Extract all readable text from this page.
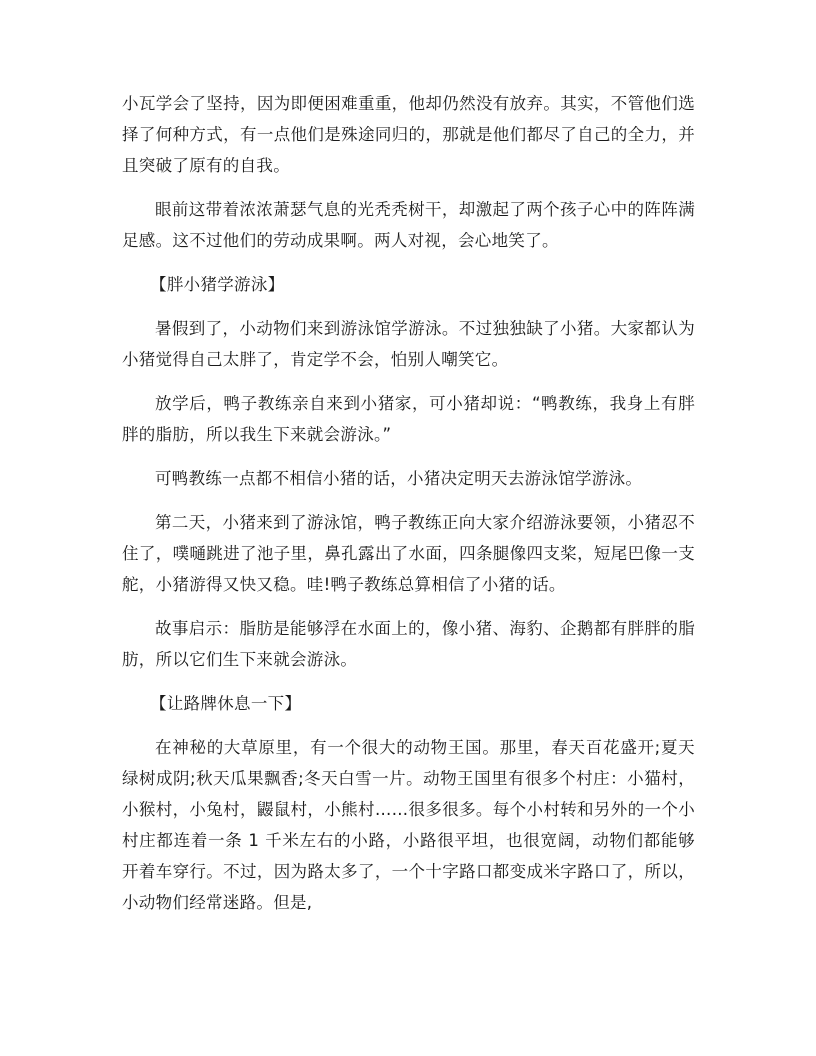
小瓦学会了坚持，因为即便困难重重，他却仍然没有放弃。其实，不管他们选择了何种方式，有一点他们是殊途同归的，那就是他们都尽了自己的全力，并且突破了原有的自我。

眼前这带着浓浓萧瑟气息的光秃秃树干，却激起了两个孩子心中的阵阵满足感。这不过他们的劳动成果啊。两人对视，会心地笑了。

【胖小猪学游泳】

暑假到了，小动物们来到游泳馆学游泳。不过独独缺了小猪。大家都认为小猪觉得自己太胖了，肯定学不会，怕别人嘲笑它。

放学后，鸭子教练亲自来到小猪家，可小猪却说：“鸭教练，我身上有胖胖的脂肪，所以我生下来就会游泳。”

可鸭教练一点都不相信小猪的话，小猪决定明天去游泳馆学游泳。

第二天，小猪来到了游泳馆，鸭子教练正向大家介绍游泳要领，小猪忍不住了，噗嗵跳进了池子里，鼻孔露出了水面，四条腿像四支桨，短尾巴像一支舵，小猪游得又快又稳。哇!鸭子教练总算相信了小猪的话。

故事启示：脂肪是能够浮在水面上的，像小猪、海豹、企鹅都有胖胖的脂肪，所以它们生下来就会游泳。

【让路牌休息一下】

在神秘的大草原里，有一个很大的动物王国。那里，春天百花盛开;夏天绿树成阴;秋天瓜果飘香;冬天白雪一片。动物王国里有很多个村庄：小猫村，小猴村，小兔村，鼹鼠村，小熊村……很多很多。每个小村转和另外的一个小村庄都连着一条 1 千米左右的小路，小路很平坦，也很宽阔，动物们都能够开着车穿行。不过，因为路太多了，一个十字路口都变成米字路口了，所以，小动物们经常迷路。但是,
